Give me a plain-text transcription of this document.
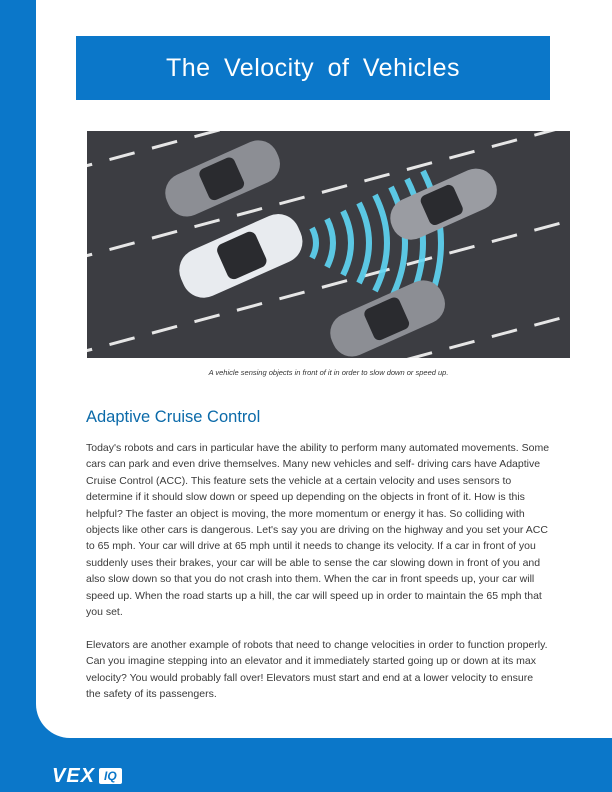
The Velocity of Vehicles
A vehicle sensing objects in front of it in order to slow down or speed up.
Adaptive Cruise Control

Today's robots and cars in particular have the ability to perform many automated movements. Some cars can park and even drive themselves. Many new vehicles and self- driving cars have Adaptive Cruise Control (ACC). This feature sets the vehicle at a certain velocity and uses sensors to determine if it should slow down or speed up depending on the objects in front of it. How is this helpful? The faster an object is moving, the more momentum or energy it has. So colliding with objects like other cars is dangerous. Let's say you are driving on the highway and you set your ACC to 65 mph. Your car will drive at 65 mph until it needs to change its velocity. If a car in front of you suddenly uses their brakes, your car will be able to sense the car slowing down in front of you and also slow down so that you do not crash into them. When the car in front speeds up, your car will speed up. When the road starts up a hill, the car will speed up in order to maintain the 65 mph that you set.

Elevators are another example of robots that need to change velocities in order to function properly. Can you imagine stepping into an elevator and it immediately started going up or down at its max velocity? You would probably fall over! Elevators must start and end at a lower velocity to ensure the safety of its passengers.

VEX IQ
